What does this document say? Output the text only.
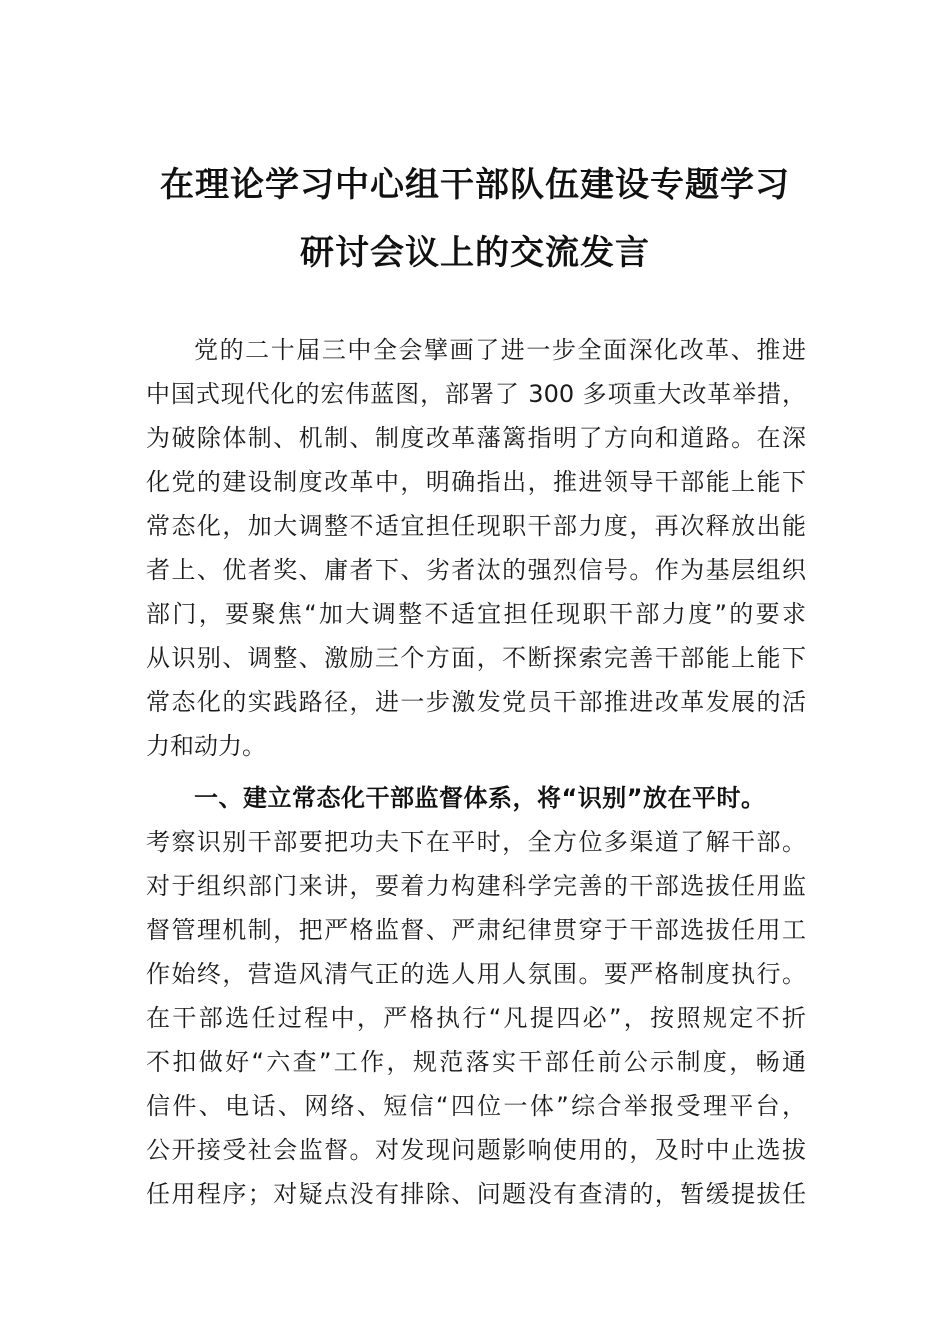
在理论学习中心组干部队伍建设专题学习
研讨会议上的交流发言
党的二十届三中全会擘画了进一步全面深化改革、推进
中国式现代化的宏伟蓝图，部署了 300 多项重大改革举措，
为破除体制、机制、制度改革藩篱指明了方向和道路。在深
化党的建设制度改革中，明确指出，推进领导干部能上能下
常态化，加大调整不适宜担任现职干部力度，再次释放出能
者上、优者奖、庸者下、劣者汰的强烈信号。作为基层组织
部门，要聚焦“加大调整不适宜担任现职干部力度”的要求
从识别、调整、激励三个方面，不断探索完善干部能上能下
常态化的实践路径，进一步激发党员干部推进改革发展的活
力和动力。
一、建立常态化干部监督体系，将“识别”放在平时。
考察识别干部要把功夫下在平时，全方位多渠道了解干部。
对于组织部门来讲，要着力构建科学完善的干部选拔任用监
督管理机制，把严格监督、严肃纪律贯穿于干部选拔任用工
作始终，营造风清气正的选人用人氛围。要严格制度执行。
在干部选任过程中，严格执行“凡提四必”，按照规定不折
不扣做好“六查”工作，规范落实干部任前公示制度，畅通
信件、电话、网络、短信“四位一体”综合举报受理平台，
公开接受社会监督。对发现问题影响使用的，及时中止选拔
任用程序；对疑点没有排除、问题没有查清的，暂缓提拔任
